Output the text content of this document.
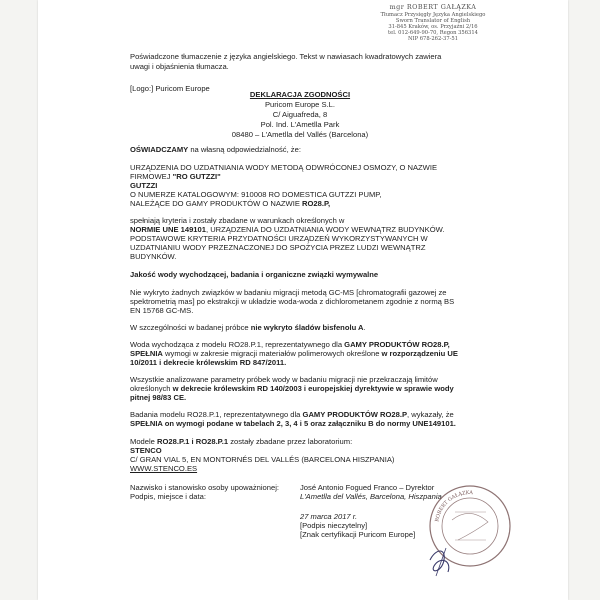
mgr ROBERT GAŁĄZKA
Tłumacz Przysięgły Języka Angielskiego
Sworn Translator of English
31-845 Kraków, os. Przyjaźni 2/16
tel. 012-649-90-70, Regon 356314
NIP 678-262-37-51
Poświadczone tłumaczenie z języka angielskiego. Tekst w nawiasach kwadratowych zawiera
uwagi i objaśnienia tłumacza.
[Logo:] Puricom Europe
DEKLARACJA ZGODNOŚCI
Puricom Europe S.L.
C/ Aiguafreda, 8
Pol. Ind. L'Ametlla Park
08480 – L'Ametlla del Vallés (Barcelona)
OŚWIADCZAMY na własną odpowiedzialność, że:
URZĄDZENIA DO UZDATNIANIA WODY METODĄ ODWRÓCONEJ OSMOZY, O NAZWIE
FIRMOWEJ "RO GUTZZI"
GUTZZI
O NUMERZE KATALOGOWYM: 910008 RO DOMESTICA GUTZZI PUMP,
NALEŻĄCE DO GAMY PRODUKTÓW O NAZWIE RO28.P,
spełniają kryteria i zostały zbadane w warunkach określonych w
NORMIE UNE 149101, URZĄDZENIA DO UZDATNIANIA WODY WEWNĄTRZ BUDYNKÓW.
PODSTAWOWE KRYTERIA PRZYDATNOŚCI URZĄDZEŃ WYKORZYSTYWANYCH W
UZDATNIANIU WODY PRZEZNACZONEJ DO SPOŻYCIA PRZEZ LUDZI WEWNĄTRZ
BUDYNKÓW.
Jakość wody wychodzącej, badania i organiczne związki wymywalne
Nie wykryto żadnych związków w badaniu migracji metodą GC-MS [chromatografii gazowej ze
spektrometrią mas] po ekstrakcji w układzie woda-woda z dichlorometanem zgodnie z normą BS
EN 15768 GC-MS.
W szczególności w badanej próbce nie wykryto śladów bisfenolu A.
Woda wychodząca z modelu RO28.P.1, reprezentatywnego dla GAMY PRODUKTÓW RO28.P,
SPEŁNIA wymogi w zakresie migracji materiałów polimerowych określone w rozporządzeniu UE
10/2011 i dekrecie królewskim RD 847/2011.
Wszystkie analizowane parametry próbek wody w badaniu migracji nie przekraczają limitów
określonych w dekrecie królewskim RD 140/2003 i europejskiej dyrektywie w sprawie wody
pitnej 98/83 CE.
Badania modelu RO28.P.1, reprezentatywnego dla GAMY PRODUKTÓW RO28.P, wykazały, że
SPEŁNIA on wymogi podane w tabelach 2, 3, 4 i 5 oraz załączniku B do normy UNE149101.
Modele RO28.P.1 i RO28.P.1 zostały zbadane przez laboratorium:
STENCO
C/ GRAN VIAL 5, EN MONTORNÉS DEL VALLÉS (BARCELONA HISZPANIA)
WWW.STENCO.ES
Nazwisko i stanowisko osoby upoważnionej:	José Antonio Fogued Franco – Dyrektor
Podpis, miejsce i data:	L'Ametlla del Vallés, Barcelona, Hiszpania
27 marca 2017 r.
[Podpis nieczytelny]
[Znak certyfikacji Puricom Europe]
ROBERT GAŁĄZKA
